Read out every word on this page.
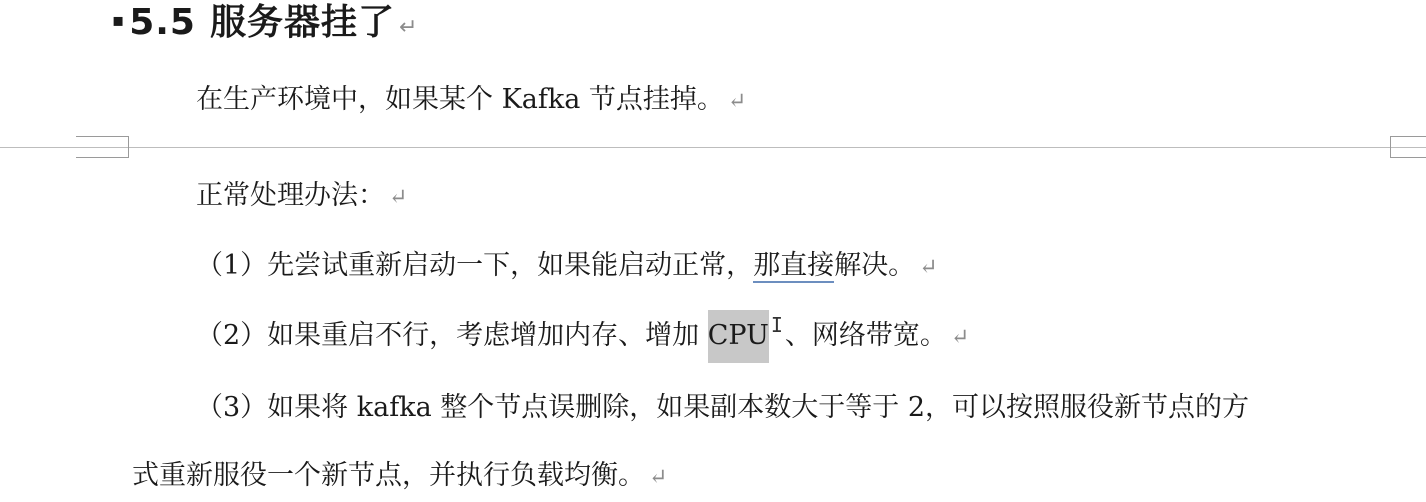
▪ 5.5 服务器挂了 ↵
在生产环境中，如果某个 Kafka 节点挂掉。 ↵
正常处理办法： ↵
（1）先尝试重新启动一下，如果能启动正常，那直接解决。 ↵
（2）如果重启不行，考虑增加内存、增加 CPU $^I$、网络带宽。 ↵
（3）如果将 kafka 整个节点误删除，如果副本数大于等于 2，可以按照服役新节点的方
式重新服役一个新节点，并执行负载均衡。 ↵
